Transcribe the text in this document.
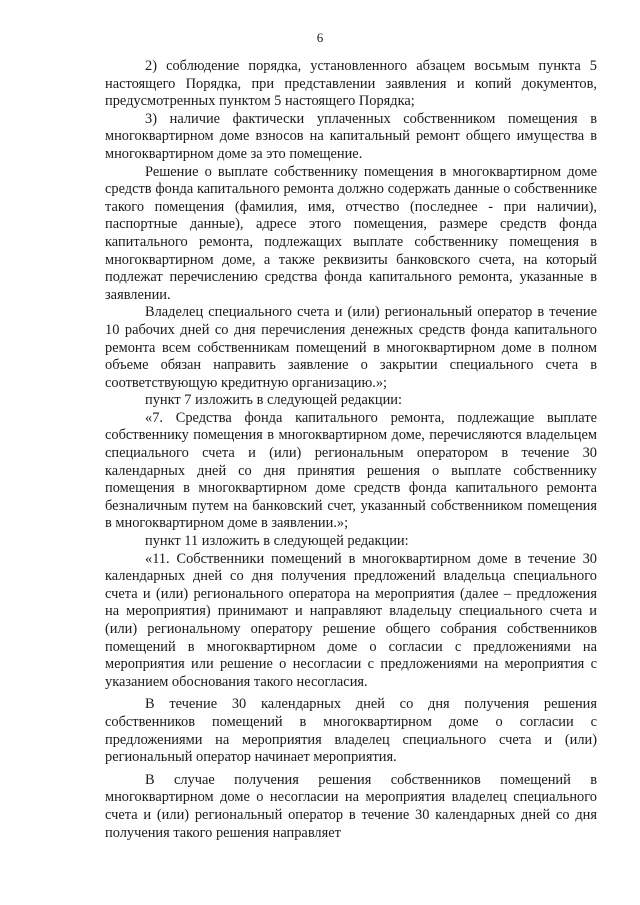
6

2) соблюдение порядка, установленного абзацем восьмым пункта 5 настоящего Порядка, при представлении заявления и копий документов, предусмотренных пунктом 5 настоящего Порядка;

3) наличие фактически уплаченных собственником помещения в многоквартирном доме взносов на капитальный ремонт общего имущества в многоквартирном доме за это помещение.

Решение о выплате собственнику помещения в многоквартирном доме средств фонда капитального ремонта должно содержать данные о собственнике такого помещения (фамилия, имя, отчество (последнее - при наличии), паспортные данные), адресе этого помещения, размере средств фонда капитального ремонта, подлежащих выплате собственнику помещения в многоквартирном доме, а также реквизиты банковского счета, на который подлежат перечислению средства фонда капитального ремонта, указанные в заявлении.

Владелец специального счета и (или) региональный оператор в течение 10 рабочих дней со дня перечисления денежных средств фонда капитального ремонта всем собственникам помещений в многоквартирном доме в полном объеме обязан направить заявление о закрытии специального счета в соответствующую кредитную организацию.»;

пункт 7 изложить в следующей редакции:

«7. Средства фонда капитального ремонта, подлежащие выплате собственнику помещения в многоквартирном доме, перечисляются владельцем специального счета и (или) региональным оператором в течение 30 календарных дней со дня принятия решения о выплате собственнику помещения в многоквартирном доме средств фонда капитального ремонта безналичным путем на банковский счет, указанный собственником помещения в многоквартирном доме в заявлении.»;

пункт 11 изложить в следующей редакции:

«11. Собственники помещений в многоквартирном доме в течение 30 календарных дней со дня получения предложений владельца специального счета и (или) регионального оператора на мероприятия (далее – предложения на мероприятия) принимают и направляют владельцу специального счета и (или) региональному оператору решение общего собрания собственников помещений в многоквартирном доме о согласии с предложениями на мероприятия или решение о несогласии с предложениями на мероприятия с указанием обоснования такого несогласия.

В течение 30 календарных дней со дня получения решения собственников помещений в многоквартирном доме о согласии с предложениями на мероприятия владелец специального счета и (или) региональный оператор начинает мероприятия.

В случае получения решения собственников помещений в многоквартирном доме о несогласии на мероприятия владелец специального счета и (или) региональный оператор в течение 30 календарных дней со дня получения такого решения направляет
